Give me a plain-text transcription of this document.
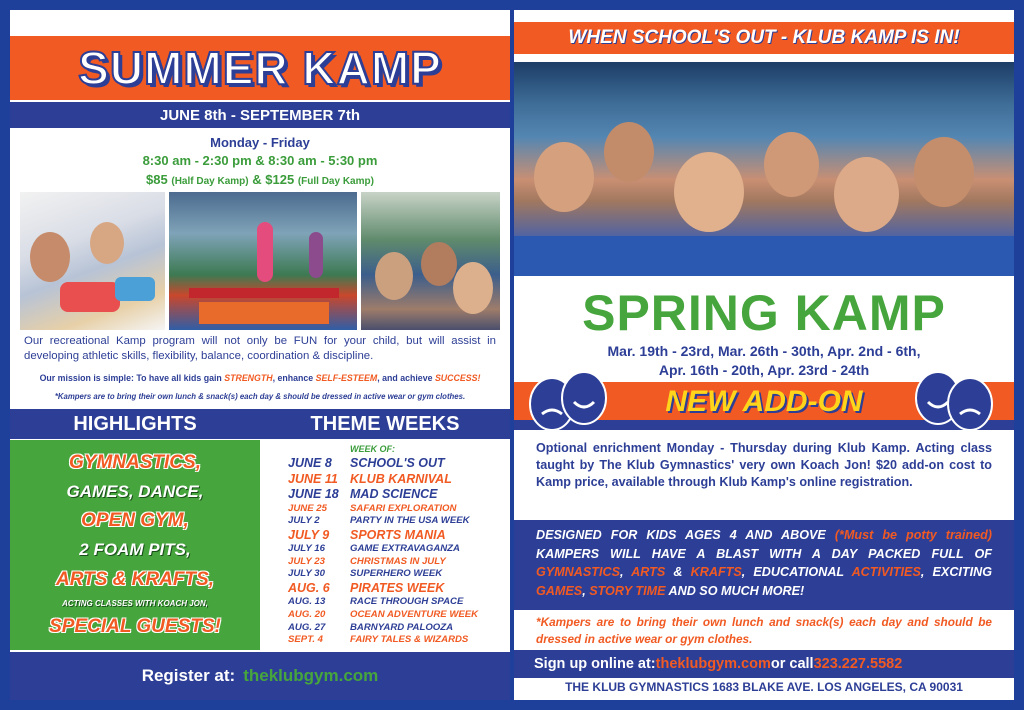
SUMMER KAMP
JUNE 8th - SEPTEMBER 7th
Monday - Friday
8:30 am - 2:30 pm & 8:30 am - 5:30 pm
$85 (Half Day Kamp) & $125 (Full Day Kamp)
Our recreational Kamp program will not only be FUN for your child, but will assist in developing athletic skills, flexibility, balance, coordination & discipline.
Our mission is simple: To have all kids gain STRENGTH, enhance SELF-ESTEEM, and achieve SUCCESS!
*Kampers are to bring their own lunch & snack(s) each day & should be dressed in active wear or gym clothes.
HIGHLIGHTS	THEME WEEKS
GYMNASTICS,
GAMES, DANCE,
OPEN GYM,
2 FOAM PITS,
ARTS & KRAFTS,
ACTING CLASSES WITH KOACH JON,
SPECIAL GUESTS!
WEEK OF:
JUNE 8	SCHOOL'S OUT
JUNE 11 KLUB KARNIVAL
JUNE 18 MAD SCIENCE
JUNE 25	SAFARI EXPLORATION
JULY 2	PARTY IN THE USA WEEK
JULY 9	SPORTS MANIA
JULY 16	GAME EXTRAVAGANZA
JULY 23	CHRISTMAS IN JULY
JULY 30	SUPERHERO WEEK
AUG. 6	PIRATES WEEK
AUG. 13	RACE THROUGH SPACE
AUG. 20	OCEAN ADVENTURE WEEK
AUG. 27	BARNYARD PALOOZA
SEPT. 4	FAIRY TALES & WIZARDS
Register at: theklubgym.com
WHEN SCHOOL'S OUT - KLUB KAMP IS IN!
SPRING KAMP
Mar. 19th - 23rd, Mar. 26th - 30th, Apr. 2nd - 6th,
Apr. 16th - 20th, Apr. 23rd - 24th
NEW ADD-ON
Optional enrichment Monday - Thursday during Klub Kamp. Acting class taught by The Klub Gymnastics' very own Koach Jon! $20 add-on cost to Kamp price, available through Klub Kamp's online registration.
DESIGNED FOR KIDS AGES 4 AND ABOVE (*Must be potty trained) KAMPERS WILL HAVE A BLAST WITH A DAY PACKED FULL OF GYMNASTICS, ARTS & KRAFTS, EDUCATIONAL ACTIVITIES, EXCITING GAMES, STORY TIME AND SO MUCH MORE!
*Kampers are to bring their own lunch and snack(s) each day and should be dressed in active wear or gym clothes.
Sign up online at: theklubgym.com or call 323.227.5582
THE KLUB GYMNASTICS 1683 BLAKE AVE. LOS ANGELES, CA 90031
